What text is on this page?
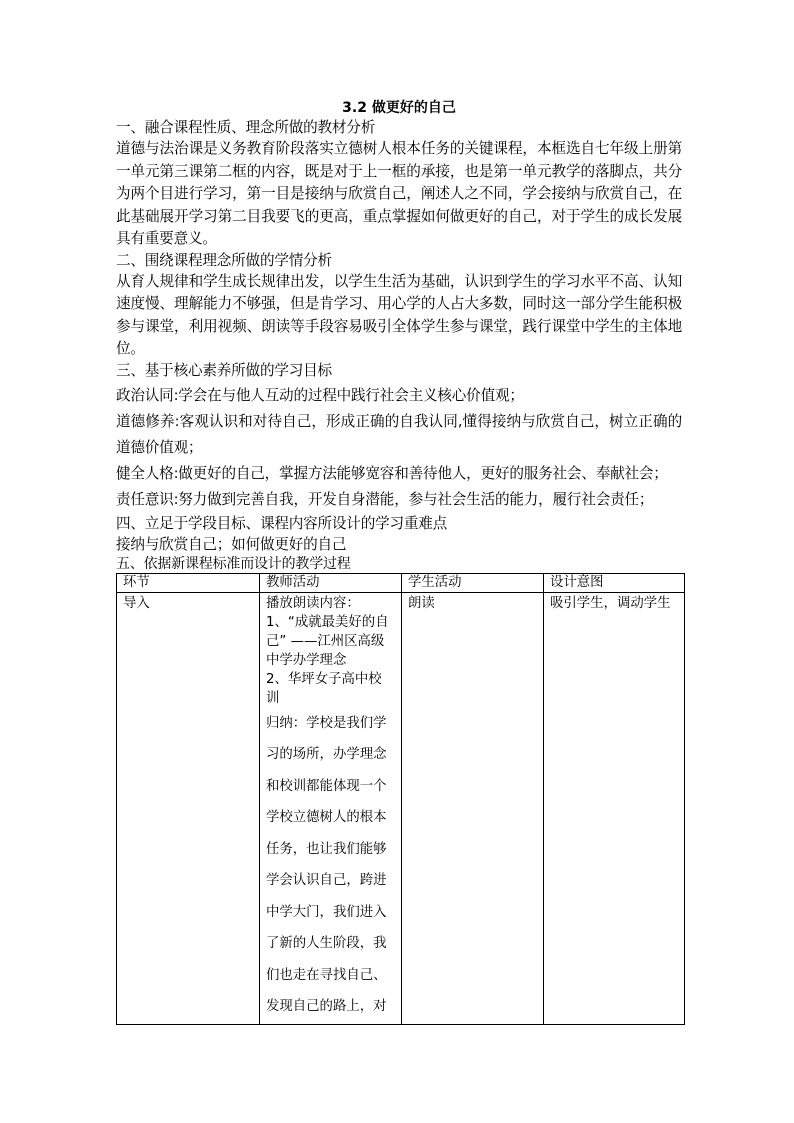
3.2 做更好的自己

一、融合课程性质、理念所做的教材分析

道德与法治课是义务教育阶段落实立德树人根本任务的关键课程，本框选自七年级上册第一单元第三课第二框的内容，既是对于上一框的承接，也是第一单元教学的落脚点，共分为两个目进行学习，第一目是接纳与欣赏自己，阐述人之不同，学会接纳与欣赏自己，在此基础展开学习第二目我要飞的更高，重点掌握如何做更好的自己，对于学生的成长发展具有重要意义。

二、围绕课程理念所做的学情分析

从育人规律和学生成长规律出发，以学生生活为基础，认识到学生的学习水平不高、认知速度慢、理解能力不够强，但是肯学习、用心学的人占大多数，同时这一部分学生能积极参与课堂，利用视频、朗读等手段容易吸引全体学生参与课堂，践行课堂中学生的主体地位。

三、基于核心素养所做的学习目标

政治认同:学会在与他人互动的过程中践行社会主义核心价值观；

道德修养:客观认识和对待自己，形成正确的自我认同,懂得接纳与欣赏自己，树立正确的道德价值观；

健全人格:做更好的自己，掌握方法能够宽容和善待他人，更好的服务社会、奉献社会；

责任意识:努力做到完善自我，开发自身潜能，参与社会生活的能力，履行社会责任；

四、立足于学段目标、课程内容所设计的学习重难点

接纳与欣赏自己；如何做更好的自己

五、依据新课程标准而设计的教学过程

环节	教师活动	学生活动	设计意图
导入	播放朗读内容：
1、“成就最美好的自己” ——江州区高级中学办学理念
2、华坪女子高中校训
归纳：学校是我们学习的场所，办学理念和校训都能体现一个学校立德树人的根本任务，也让我们能够学会认识自己，跨进中学大门，我们进入了新的人生阶段，我们也走在寻找自己、发现自己的路上，对	朗读	吸引学生，调动学生
